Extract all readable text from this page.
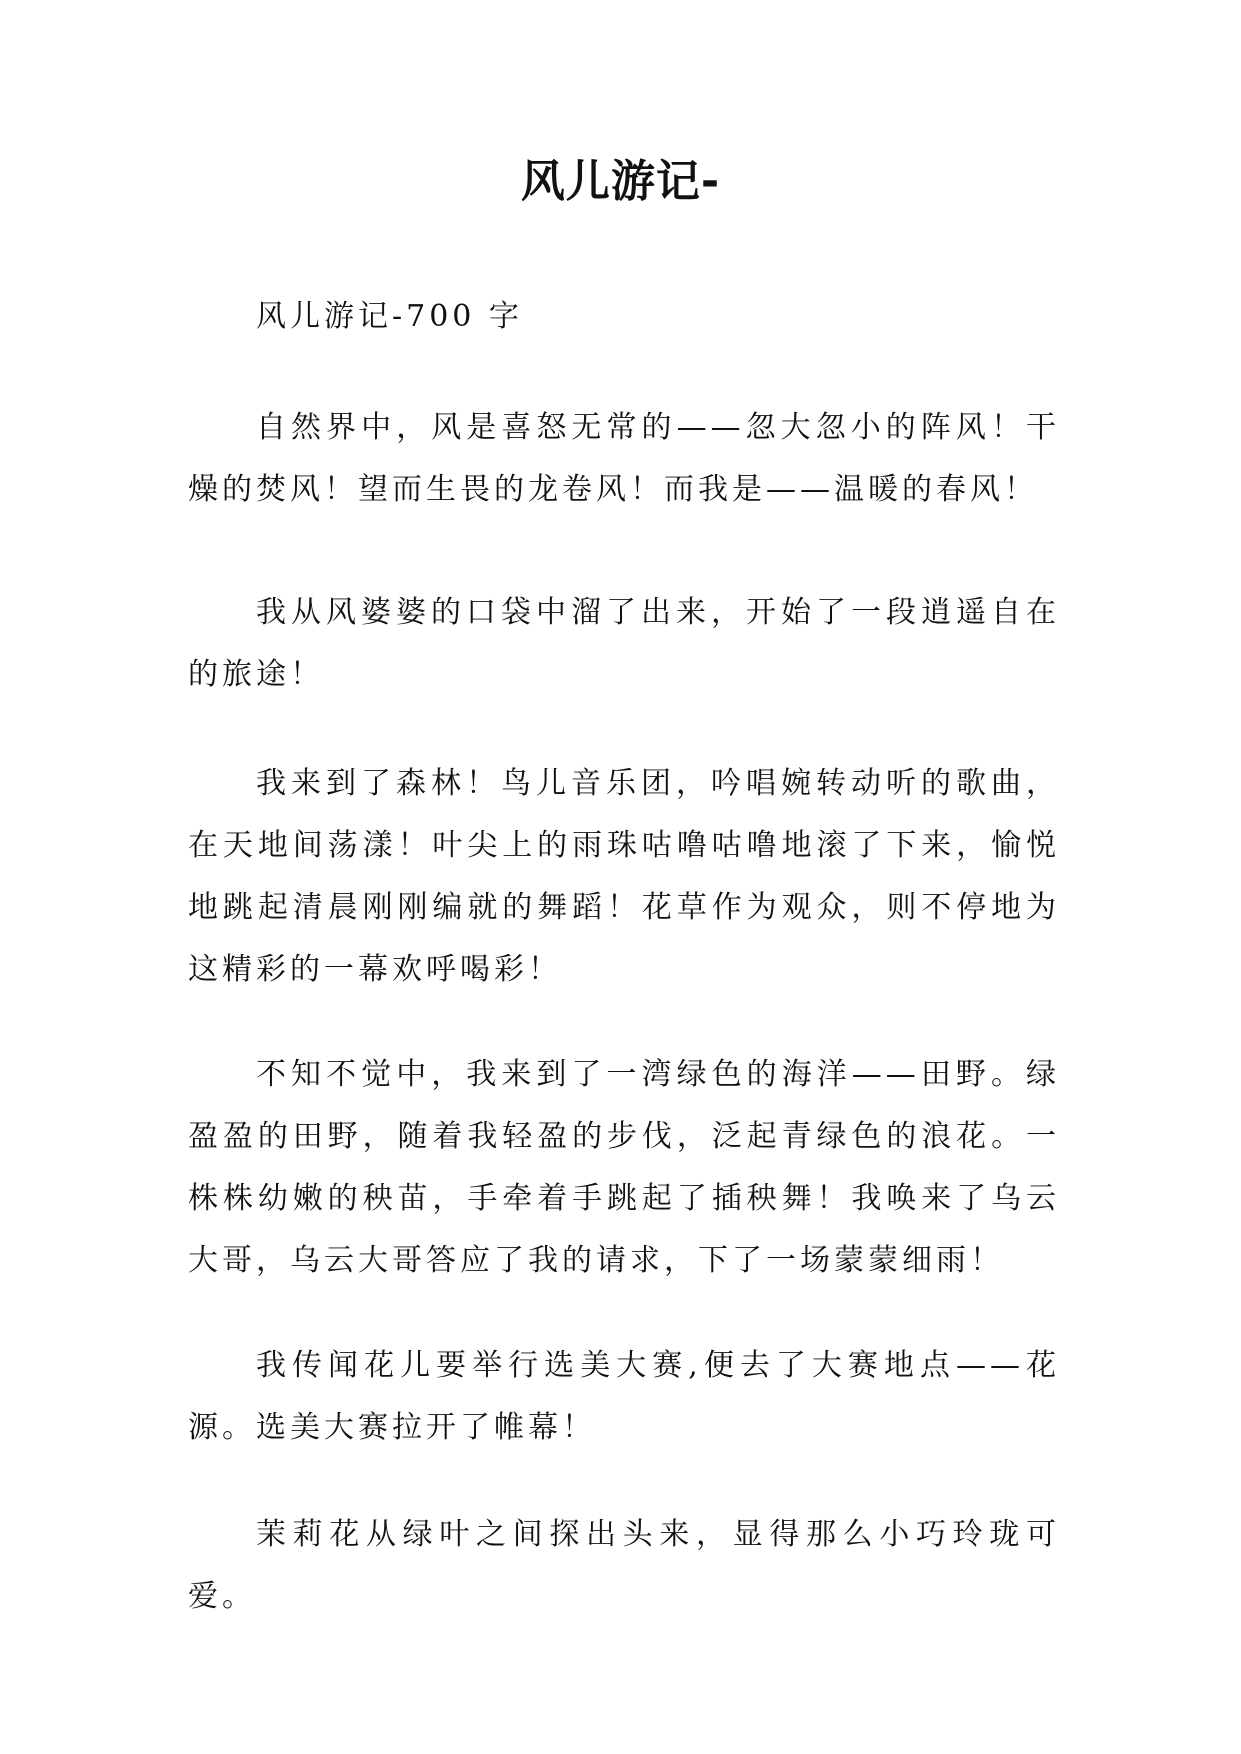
风儿游记-

风儿游记-700 字

自然界中，风是喜怒无常的——忽大忽小的阵风！干燥的焚风！望而生畏的龙卷风！而我是——温暖的春风！

我从风婆婆的口袋中溜了出来，开始了一段逍遥自在的旅途！

我来到了森林！鸟儿音乐团，吟唱婉转动听的歌曲，在天地间荡漾！叶尖上的雨珠咕噜咕噜地滚了下来，愉悦地跳起清晨刚刚编就的舞蹈！花草作为观众，则不停地为这精彩的一幕欢呼喝彩！

不知不觉中，我来到了一湾绿色的海洋——田野。绿盈盈的田野，随着我轻盈的步伐，泛起青绿色的浪花。一株株幼嫩的秧苗，手牵着手跳起了插秧舞！我唤来了乌云大哥，乌云大哥答应了我的请求，下了一场蒙蒙细雨！

我传闻花儿要举行选美大赛,便去了大赛地点——花源。选美大赛拉开了帷幕！

茉莉花从绿叶之间探出头来，显得那么小巧玲珑可爱。
